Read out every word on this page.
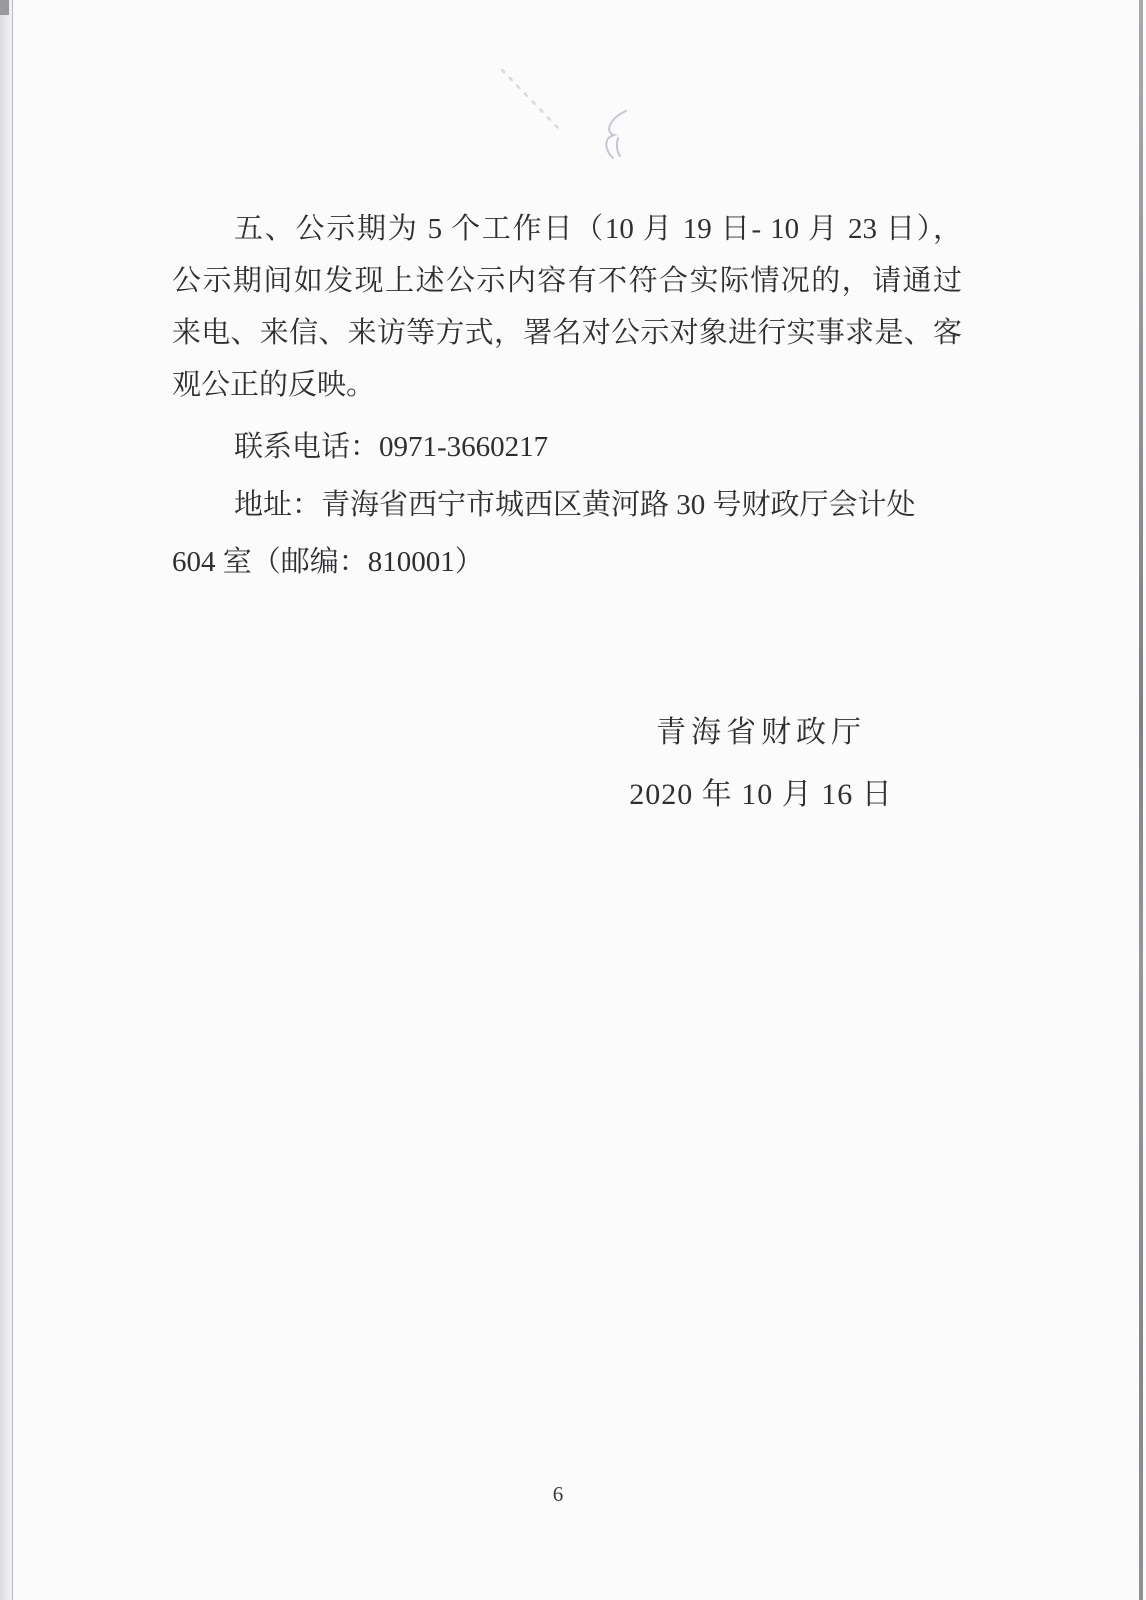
五、公示期为 5 个工作日（10 月 19 日- 10 月 23 日），

公示期间如发现上述公示内容有不符合实际情况的，请通过

来电、来信、来访等方式，署名对公示对象进行实事求是、客

观公正的反映。

联系电话：0971-3660217

地址：青海省西宁市城西区黄河路 30 号财政厅会计处

604 室（邮编：810001）

青海省财政厅

2020 年 10 月 16 日

6
